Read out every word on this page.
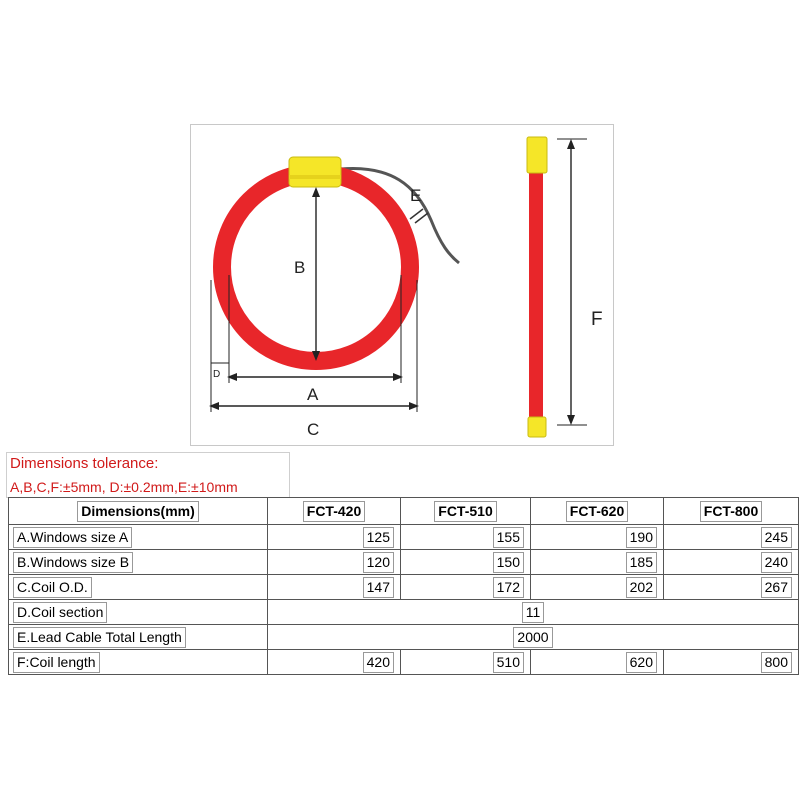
B
A
C
D
E
F
Dimensions tolerance:
A,B,C,F:±5mm, D:±0.2mm,E:±10mm
Dimensions(mm)	FCT-420	FCT-510	FCT-620	FCT-800
A.Windows size A	125	155	190	245
B.Windows size B	120	150	185	240
C.Coil O.D.	147	172	202	267
D.Coil section	11			
E.Lead Cable Total Length	2000			
F:Coil length	420	510	620	800
